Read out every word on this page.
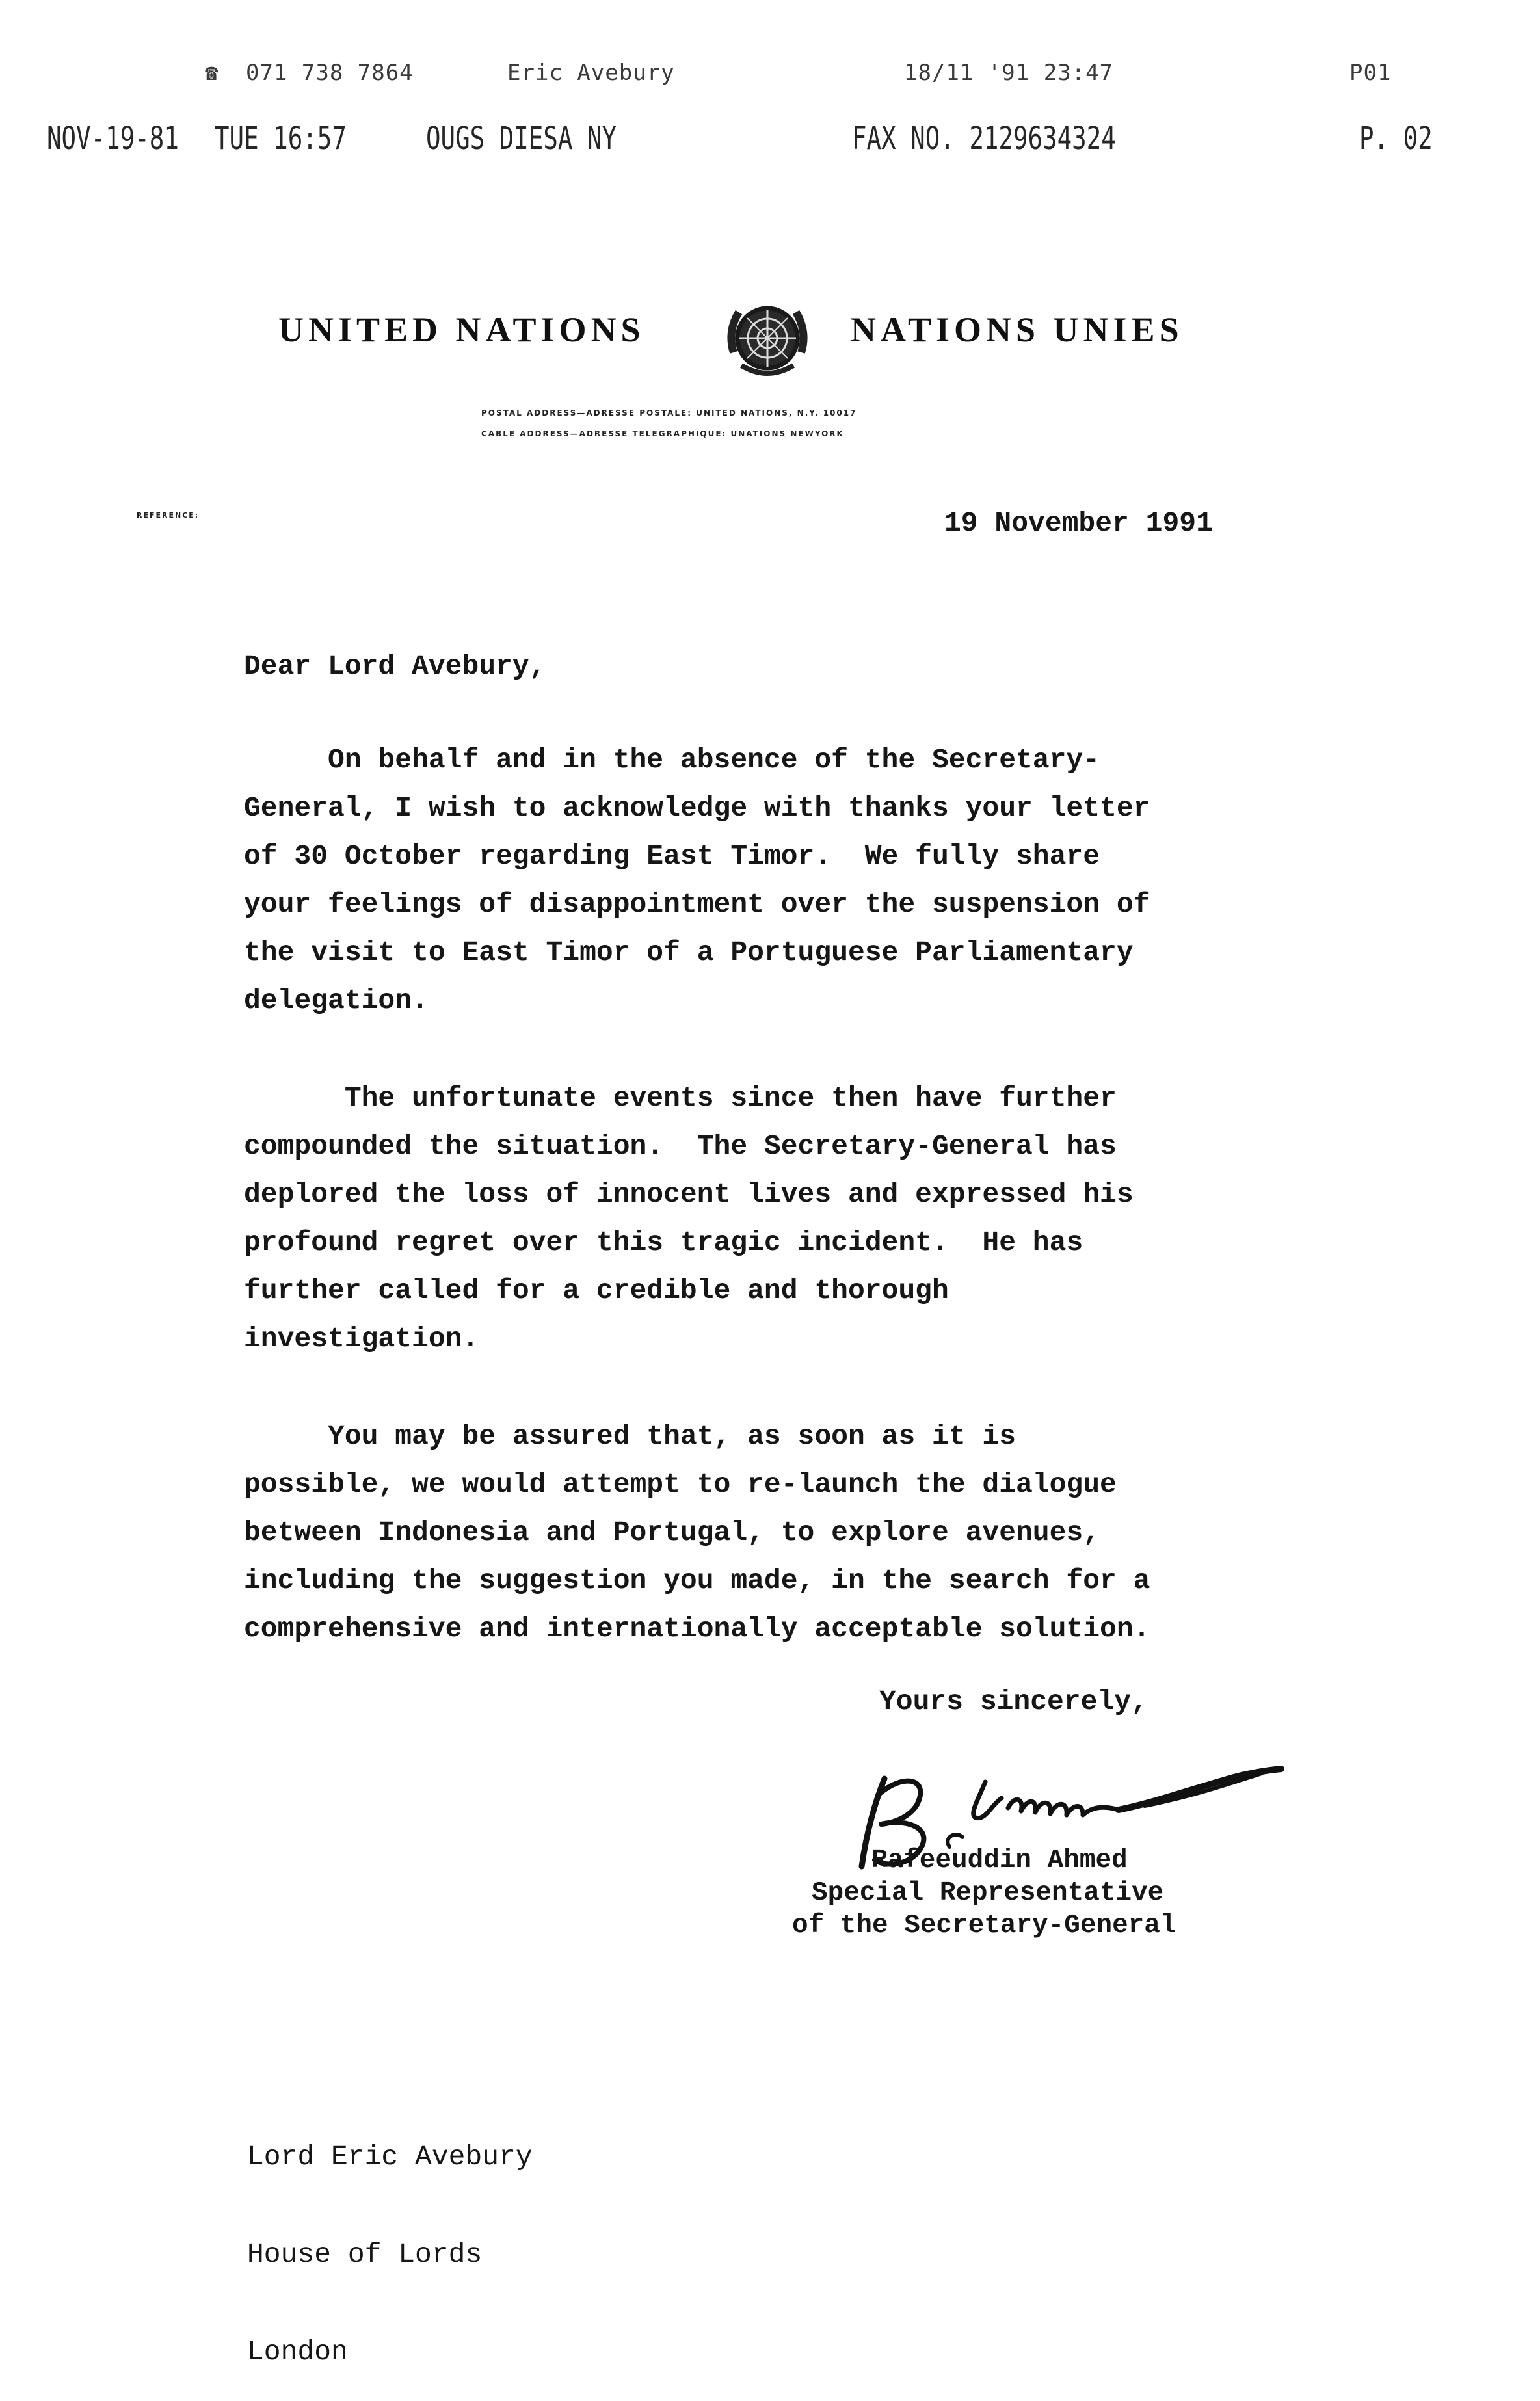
☎ 071 738 7864	Eric Avebury	18/11 '91 23:47	P01
NOV-19-81 TUE 16:57	OUGS DIESA NY	FAX NO. 2129634324	P. 02
UNITED NATIONS	NATIONS UNIES
POSTAL ADDRESS—ADRESSE POSTALE: UNITED NATIONS, N.Y. 10017
CABLE ADDRESS—ADRESSE TELEGRAPHIQUE: UNATIONS NEWYORK
REFERENCE:	19 November 1991
Dear Lord Avebury,
On behalf and in the absence of the Secretary-
General, I wish to acknowledge with thanks your letter
of 30 October regarding East Timor.  We fully share
your feelings of disappointment over the suspension of
the visit to East Timor of a Portuguese Parliamentary
delegation.
The unfortunate events since then have further
compounded the situation.  The Secretary-General has
deplored the loss of innocent lives and expressed his
profound regret over this tragic incident.  He has
further called for a credible and thorough
investigation.
You may be assured that, as soon as it is
possible, we would attempt to re-launch the dialogue
between Indonesia and Portugal, to explore avenues,
including the suggestion you made, in the search for a
comprehensive and internationally acceptable solution.
Yours sincerely,
Rafeeuddin Ahmed
Special Representative
of the Secretary-General

Lord Eric Avebury

House of Lords

London
